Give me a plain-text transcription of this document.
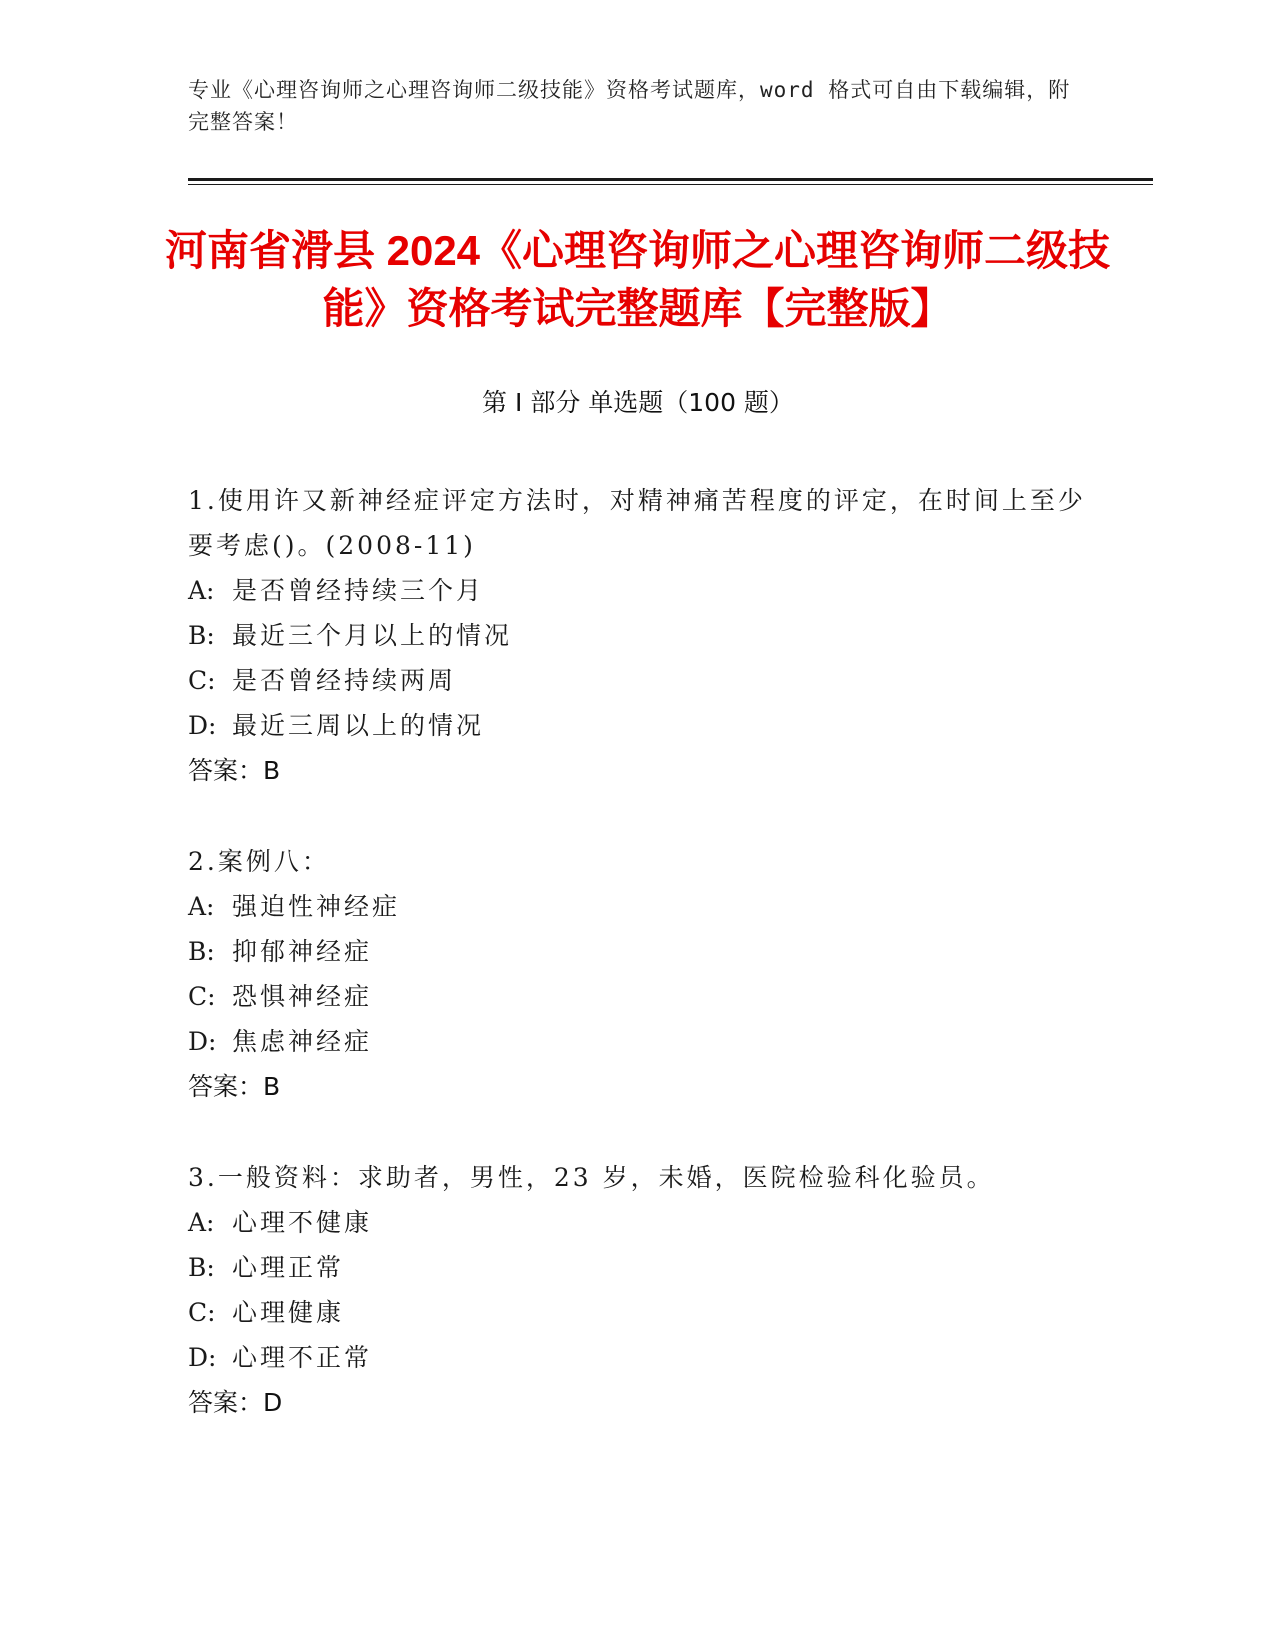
专业《心理咨询师之心理咨询师二级技能》资格考试题库，word 格式可自由下载编辑，附完整答案！
河南省滑县 2024《心理咨询师之心理咨询师二级技能》资格考试完整题库【完整版】
第 I 部分 单选题（100 题）
1.使用许又新神经症评定方法时，对精神痛苦程度的评定，在时间上至少要考虑()。(2008-11)
A: 是否曾经持续三个月
B: 最近三个月以上的情况
C: 是否曾经持续两周
D: 最近三周以上的情况
答案：B
2.案例八：
A: 强迫性神经症
B: 抑郁神经症
C: 恐惧神经症
D: 焦虑神经症
答案：B
3.一般资料：求助者，男性，23 岁，未婚，医院检验科化验员。
A: 心理不健康
B: 心理正常
C: 心理健康
D: 心理不正常
答案：D
